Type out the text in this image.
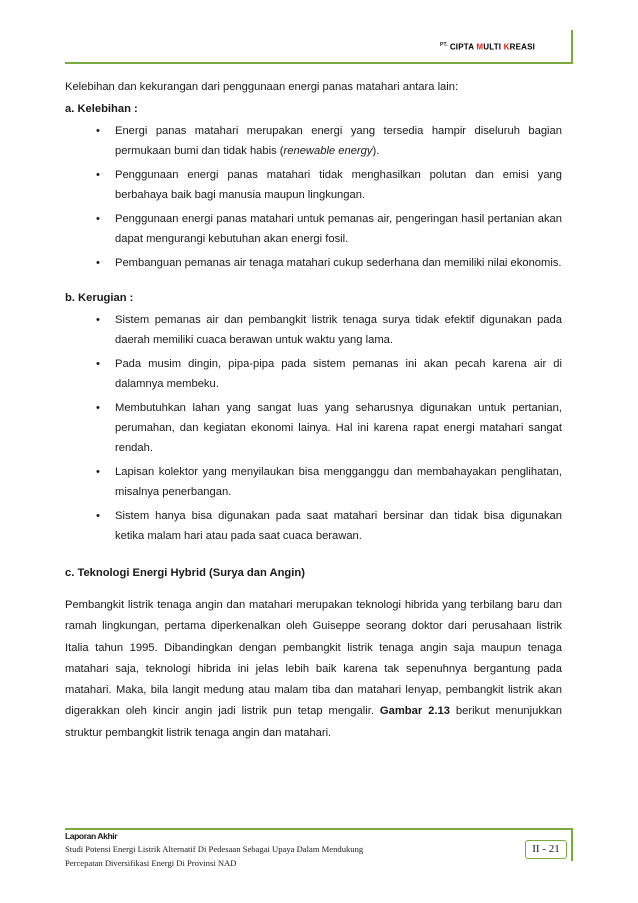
$^{PT.}$ CIPTA MULTI KREASI

Kelebihan dan kekurangan dari penggunaan energi panas matahari antara lain:

a. Kelebihan :

• Energi panas matahari merupakan energi yang tersedia hampir diseluruh bagian permukaan bumi dan tidak habis (renewable energy).
• Penggunaan energi panas matahari tidak menghasilkan polutan dan emisi yang berbahaya baik bagi manusia maupun lingkungan.
• Penggunaan energi panas matahari untuk pemanas air, pengeringan hasil pertanian akan dapat mengurangi kebutuhan akan energi fosil.
• Pembanguan pemanas air tenaga matahari cukup sederhana dan memiliki nilai ekonomis.

b. Kerugian :

• Sistem pemanas air dan pembangkit listrik tenaga surya tidak efektif digunakan pada daerah memiliki cuaca berawan untuk waktu yang lama.
• Pada musim dingin, pipa-pipa pada sistem pemanas ini akan pecah karena air di dalamnya membeku.
• Membutuhkan lahan yang sangat luas yang seharusnya digunakan untuk pertanian, perumahan, dan kegiatan ekonomi lainya. Hal ini karena rapat energi matahari sangat rendah.
• Lapisan kolektor yang menyilaukan bisa mengganggu dan membahayakan penglihatan, misalnya penerbangan.
• Sistem hanya bisa digunakan pada saat matahari bersinar dan tidak bisa digunakan ketika malam hari atau pada saat cuaca berawan.

c. Teknologi Energi Hybrid (Surya dan Angin)

Pembangkit listrik tenaga angin dan matahari merupakan teknologi hibrida yang terbilang baru dan ramah lingkungan, pertama diperkenalkan oleh Guiseppe seorang doktor dari perusahaan listrik Italia tahun 1995. Dibandingkan dengan pembangkit listrik tenaga angin saja maupun tenaga matahari saja, teknologi hibrida ini jelas lebih baik karena tak sepenuhnya bergantung pada matahari. Maka, bila langit medung atau malam tiba dan matahari lenyap, pembangkit listrik akan digerakkan oleh kincir angin jadi listrik pun tetap mengalir. Gambar 2.13 berikut menunjukkan struktur pembangkit listrik tenaga angin dan matahari.

Laporan Akhir
Studi Potensi Energi Listrik Alternatif Di Pedesaan Sebagai Upaya Dalam Mendukung
Percepatan Diversifikasi Energi Di Provinsi NAD
II - 21
